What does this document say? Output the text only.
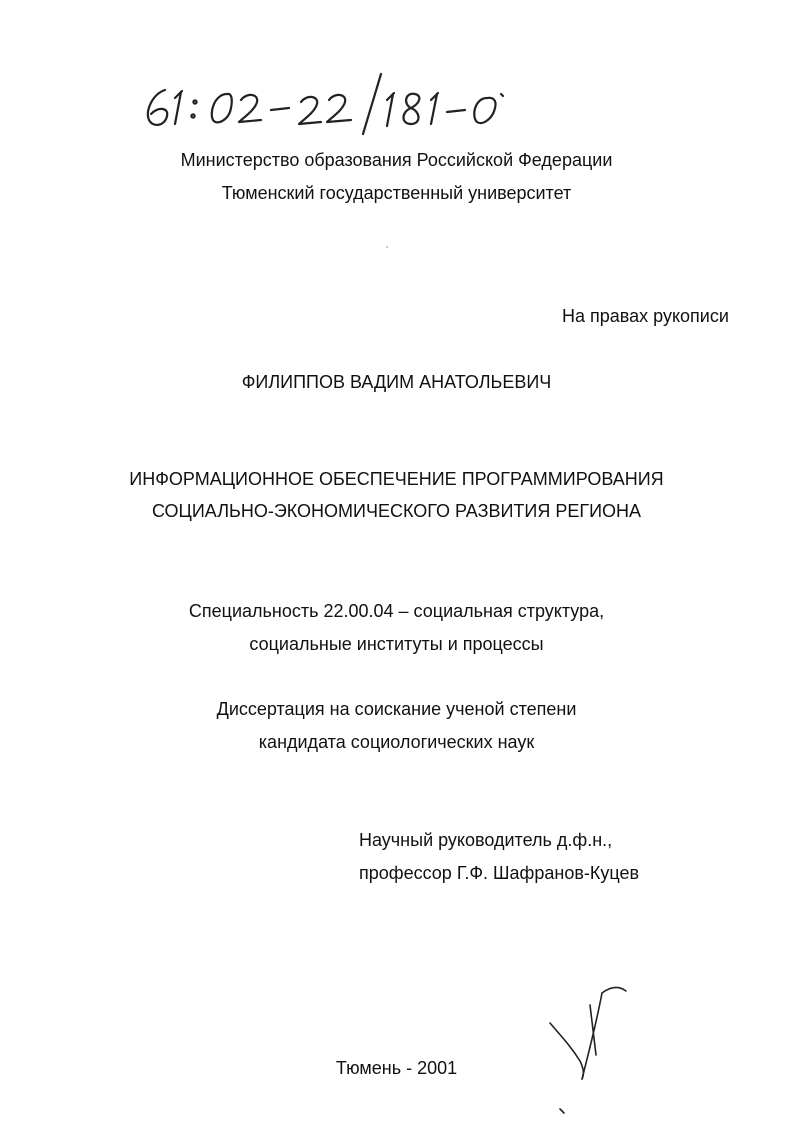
Министерство образования Российской Федерации
Тюменский государственный университет
На правах рукописи
ФИЛИППОВ ВАДИМ АНАТОЛЬЕВИЧ
ИНФОРМАЦИОННОЕ ОБЕСПЕЧЕНИЕ ПРОГРАММИРОВАНИЯ
СОЦИАЛЬНО-ЭКОНОМИЧЕСКОГО РАЗВИТИЯ РЕГИОНА
Специальность 22.00.04 – социальная структура,
социальные институты и процессы
Диссертация на соискание ученой степени
кандидата социологических наук
Научный руководитель д.ф.н.,
профессор Г.Ф. Шафранов-Куцев
Тюмень - 2001
